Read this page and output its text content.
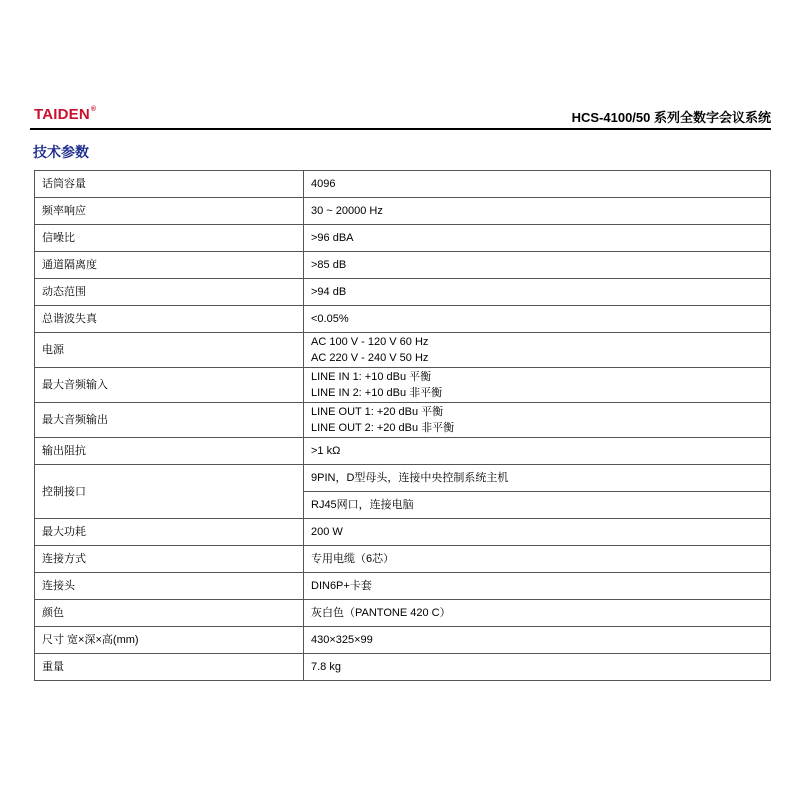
TAIDEN®
HCS-4100/50 系列全数字会议系统
技术参数
话筒容量	4096

频率响应	30 ~ 20000 Hz

信噪比	>96 dBA

通道隔离度	>85 dB

动态范围	>94 dB

总谐波失真	<0.05%

电源	AC 100 V - 120 V 60 Hz
AC 220 V - 240 V 50 Hz

最大音频输入	LINE IN 1: +10 dBu 平衡
LINE IN 2: +10 dBu 非平衡

最大音频输出	LINE OUT 1: +20 dBu 平衡
LINE OUT 2: +20 dBu 非平衡

输出阻抗	>1 kΩ

控制接口	9PIN，D型母头，连接中央控制系统主机

	RJ45网口，连接电脑

最大功耗	200 W

连接方式	专用电缆（6芯）

连接头	DIN6P+卡套

颜色	灰白色（PANTONE 420 C）

尺寸 宽×深×高(mm)	430×325×99

重量	7.8 kg
